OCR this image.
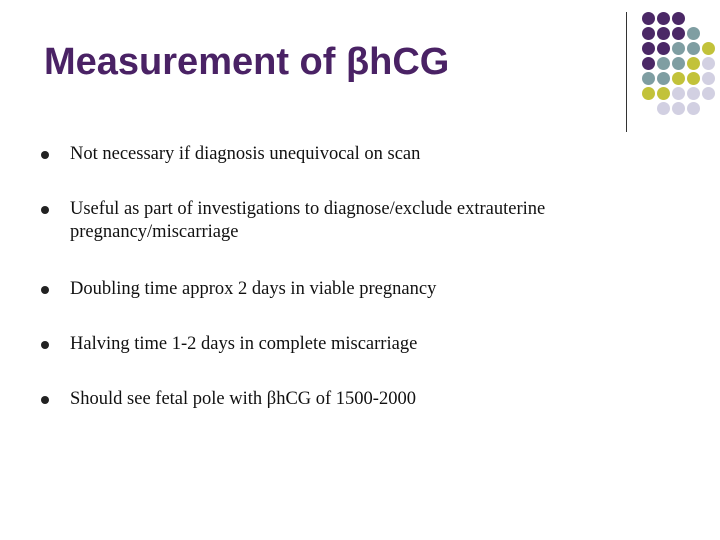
Measurement of βhCG
Not necessary if diagnosis unequivocal on scan
Useful as part of investigations to diagnose/exclude extrauterine pregnancy/miscarriage
Doubling time approx 2 days in viable pregnancy
Halving time 1-2 days in complete miscarriage
Should see fetal pole with βhCG of 1500-2000
